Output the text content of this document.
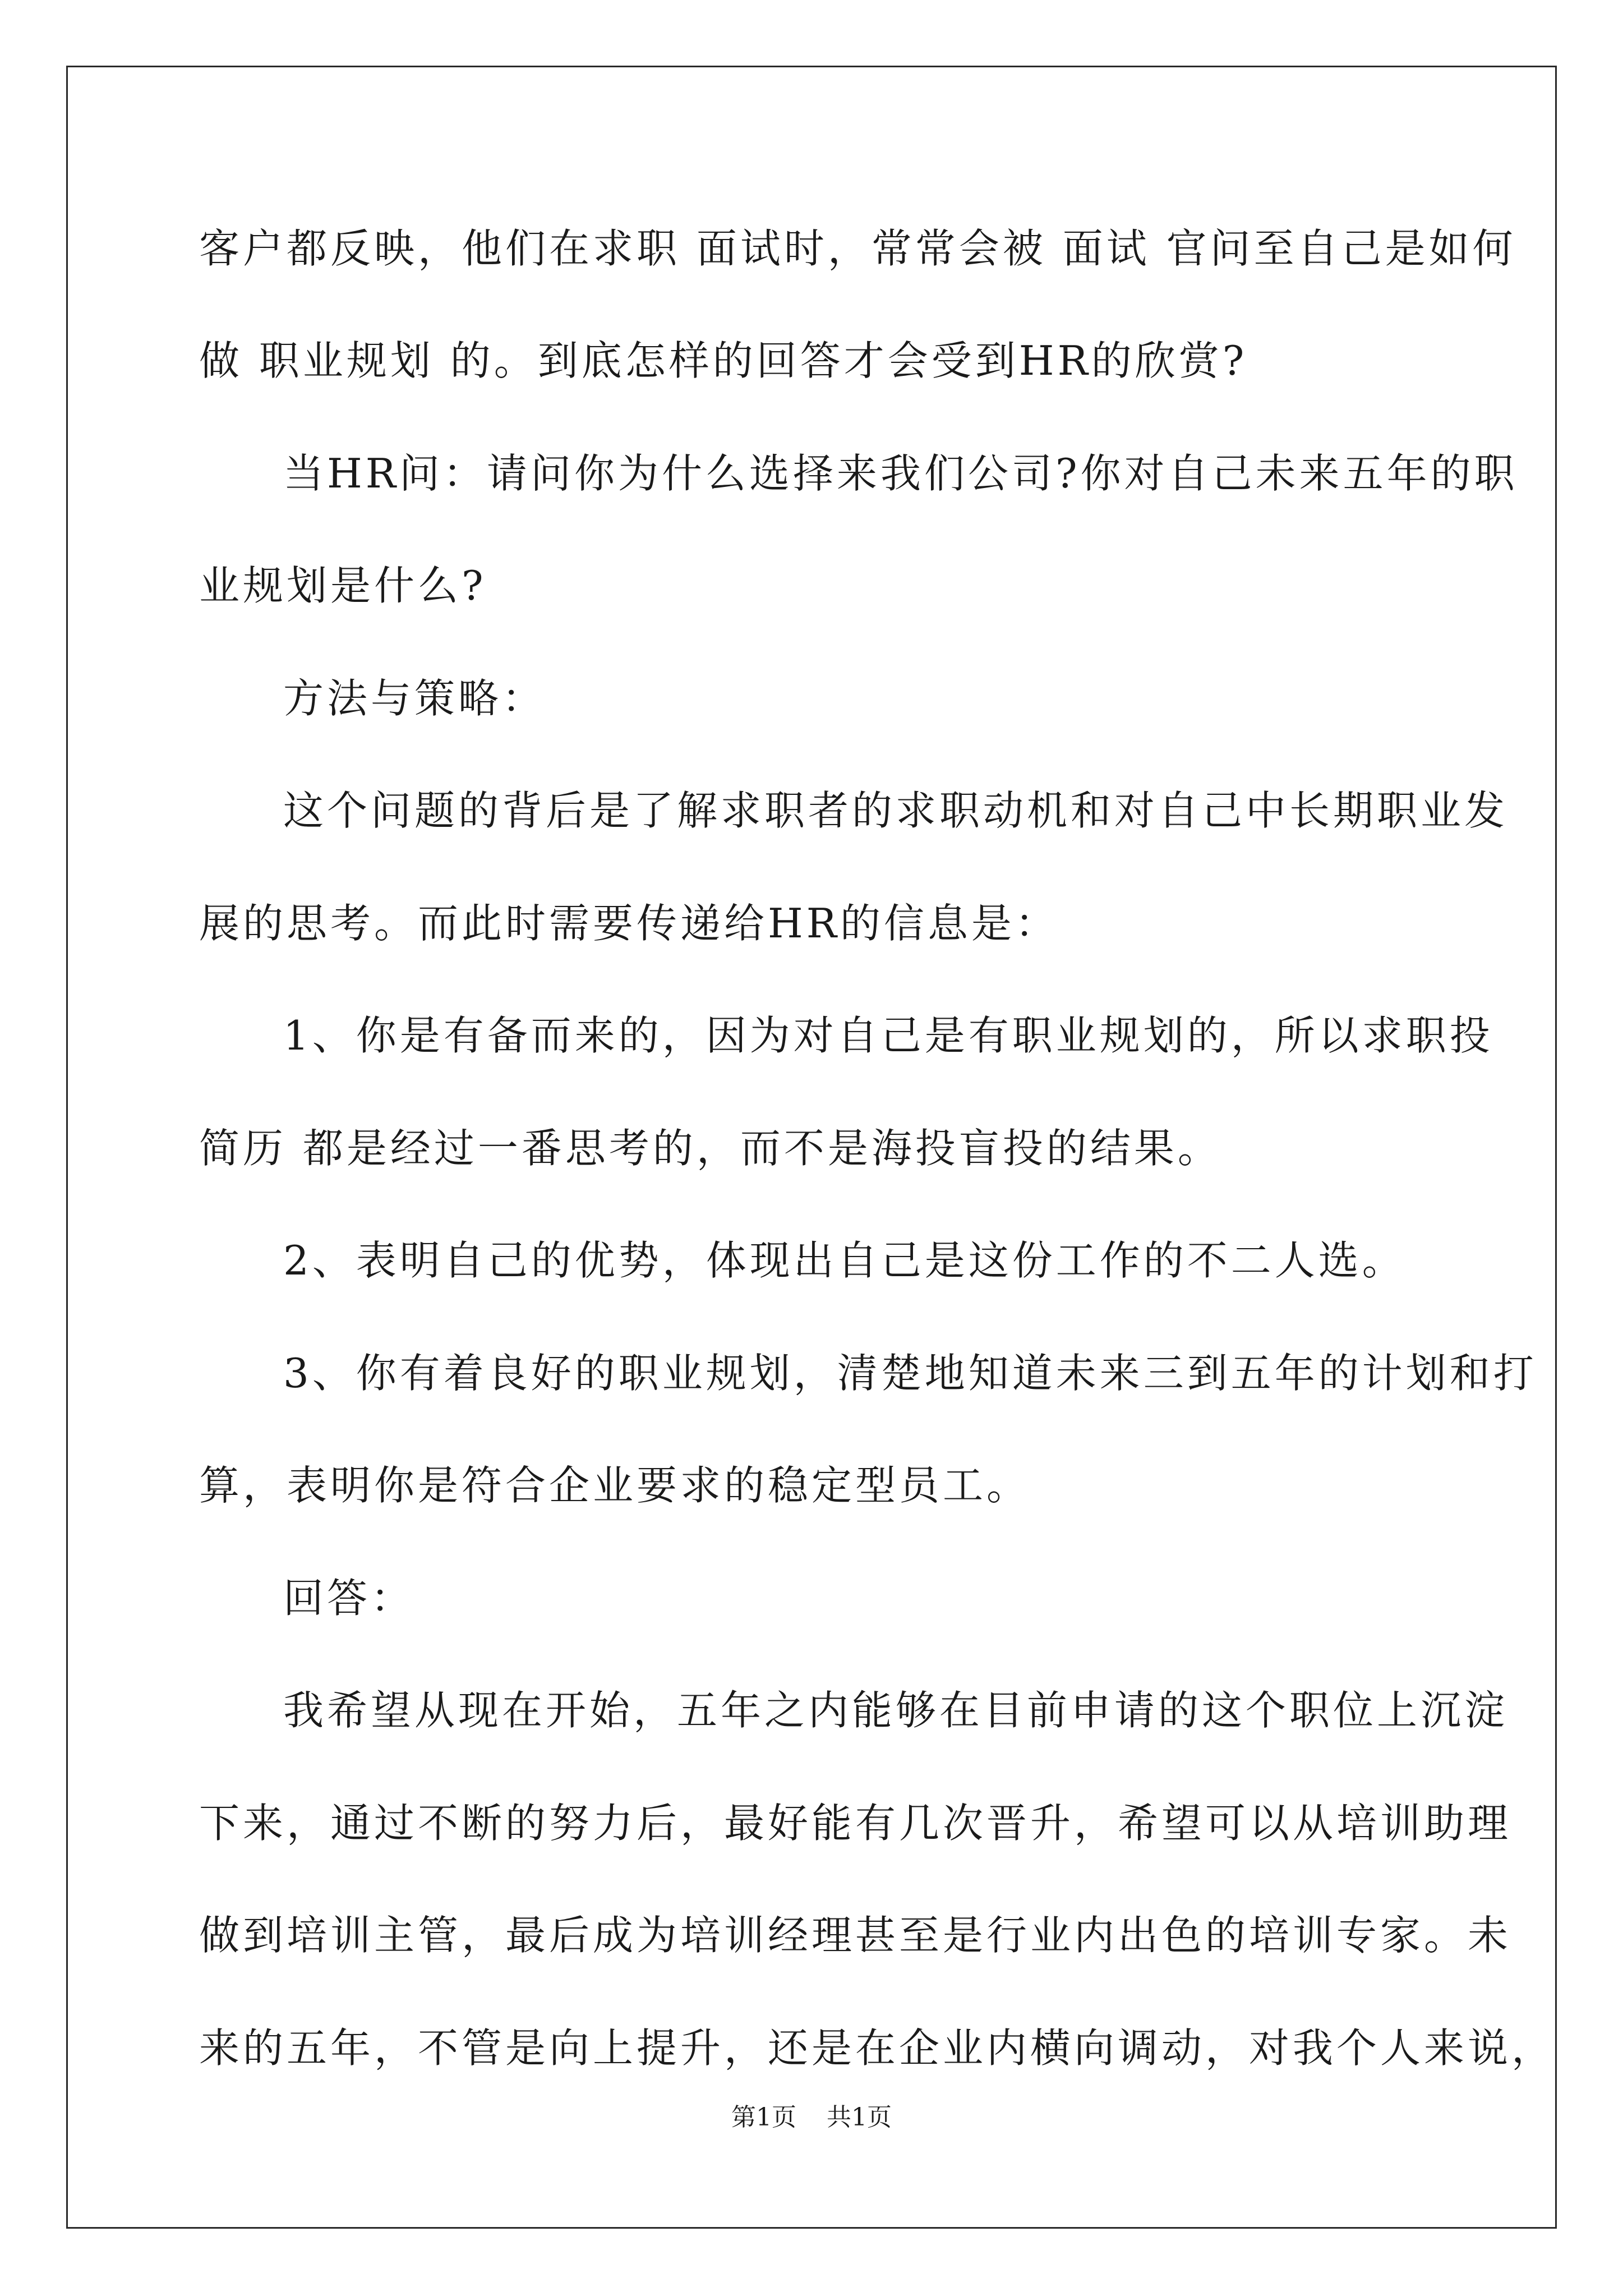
客户都反映，他们在求职 面试时，常常会被 面试 官问至自己是如何
做 职业规划 的。到底怎样的回答才会受到HR的欣赏?
当HR问：请问你为什么选择来我们公司?你对自己未来五年的职
业规划是什么?
方法与策略：
这个问题的背后是了解求职者的求职动机和对自己中长期职业发
展的思考。而此时需要传递给HR的信息是：
1、你是有备而来的，因为对自己是有职业规划的，所以求职投
简历 都是经过一番思考的，而不是海投盲投的结果。
2、表明自己的优势，体现出自己是这份工作的不二人选。
3、你有着良好的职业规划，清楚地知道未来三到五年的计划和打
算，表明你是符合企业要求的稳定型员工。
回答：
我希望从现在开始，五年之内能够在目前申请的这个职位上沉淀
下来，通过不断的努力后，最好能有几次晋升，希望可以从培训助理
做到培训主管，最后成为培训经理甚至是行业内出色的培训专家。未
来的五年，不管是向上提升，还是在企业内横向调动，对我个人来说，
第1页 共1页
